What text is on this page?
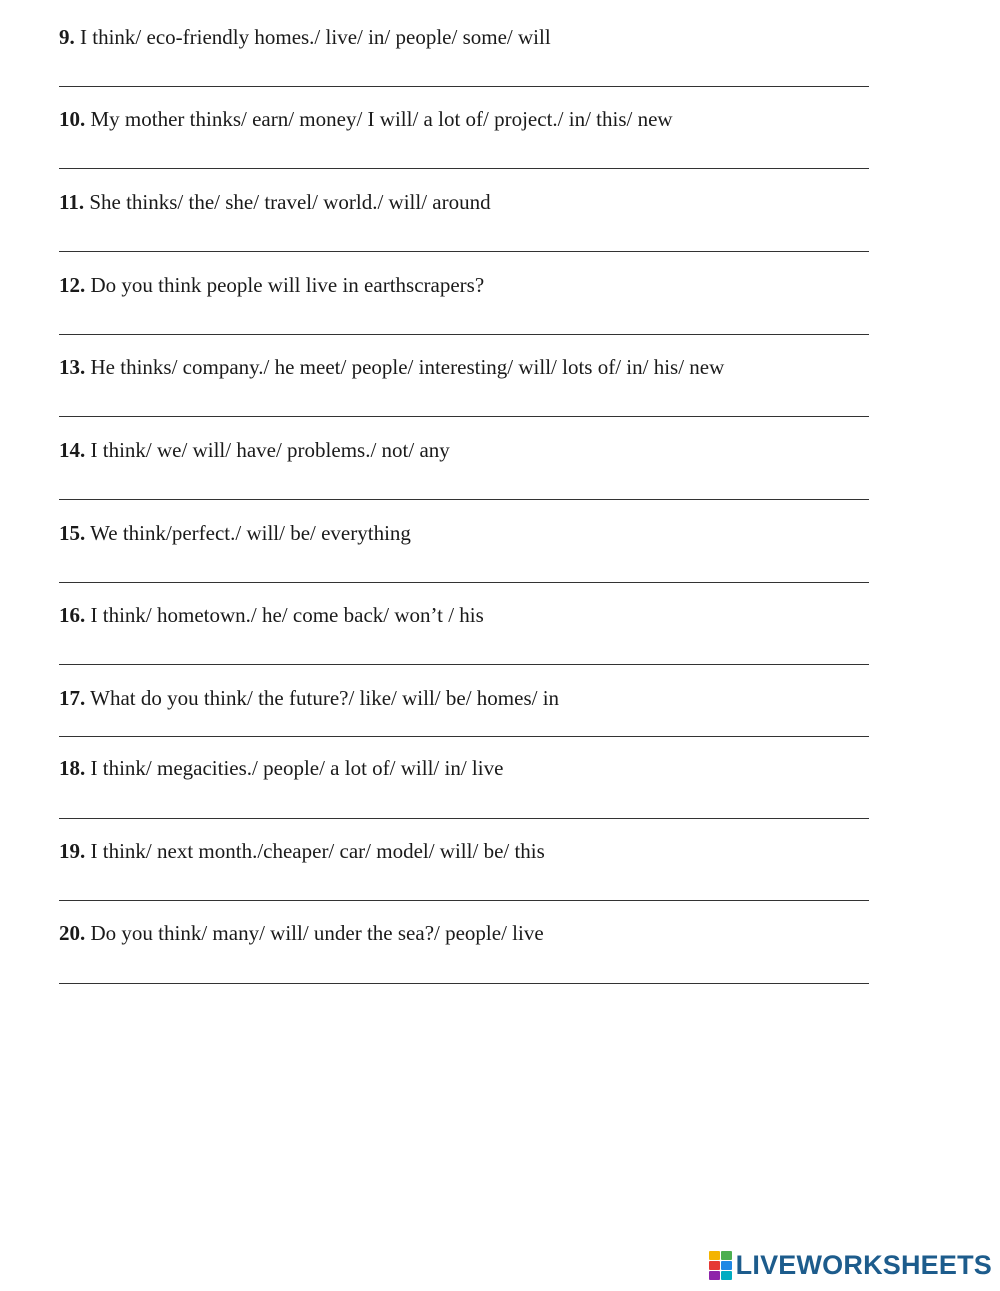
9. I think/ eco-friendly homes./ live/ in/ people/ some/ will
10. My mother thinks/ earn/ money/ I will/ a lot of/ project./ in/ this/ new
11. She thinks/ the/ she/ travel/ world./ will/ around
12. Do you think people will live in earthscrapers?
13. He thinks/ company./ he meet/ people/ interesting/ will/ lots of/ in/ his/ new
14. I think/ we/ will/ have/ problems./ not/ any
15. We think/perfect./ will/ be/ everything
16. I think/ hometown./ he/ come back/ won’t / his
17. What do you think/ the future?/ like/ will/ be/ homes/ in
18. I think/ megacities./ people/ a lot of/ will/ in/ live
19. I think/ next month./cheaper/ car/ model/ will/ be/ this
20. Do you think/ many/ will/ under the sea?/ people/ live
LIVEWORKSHEETS
